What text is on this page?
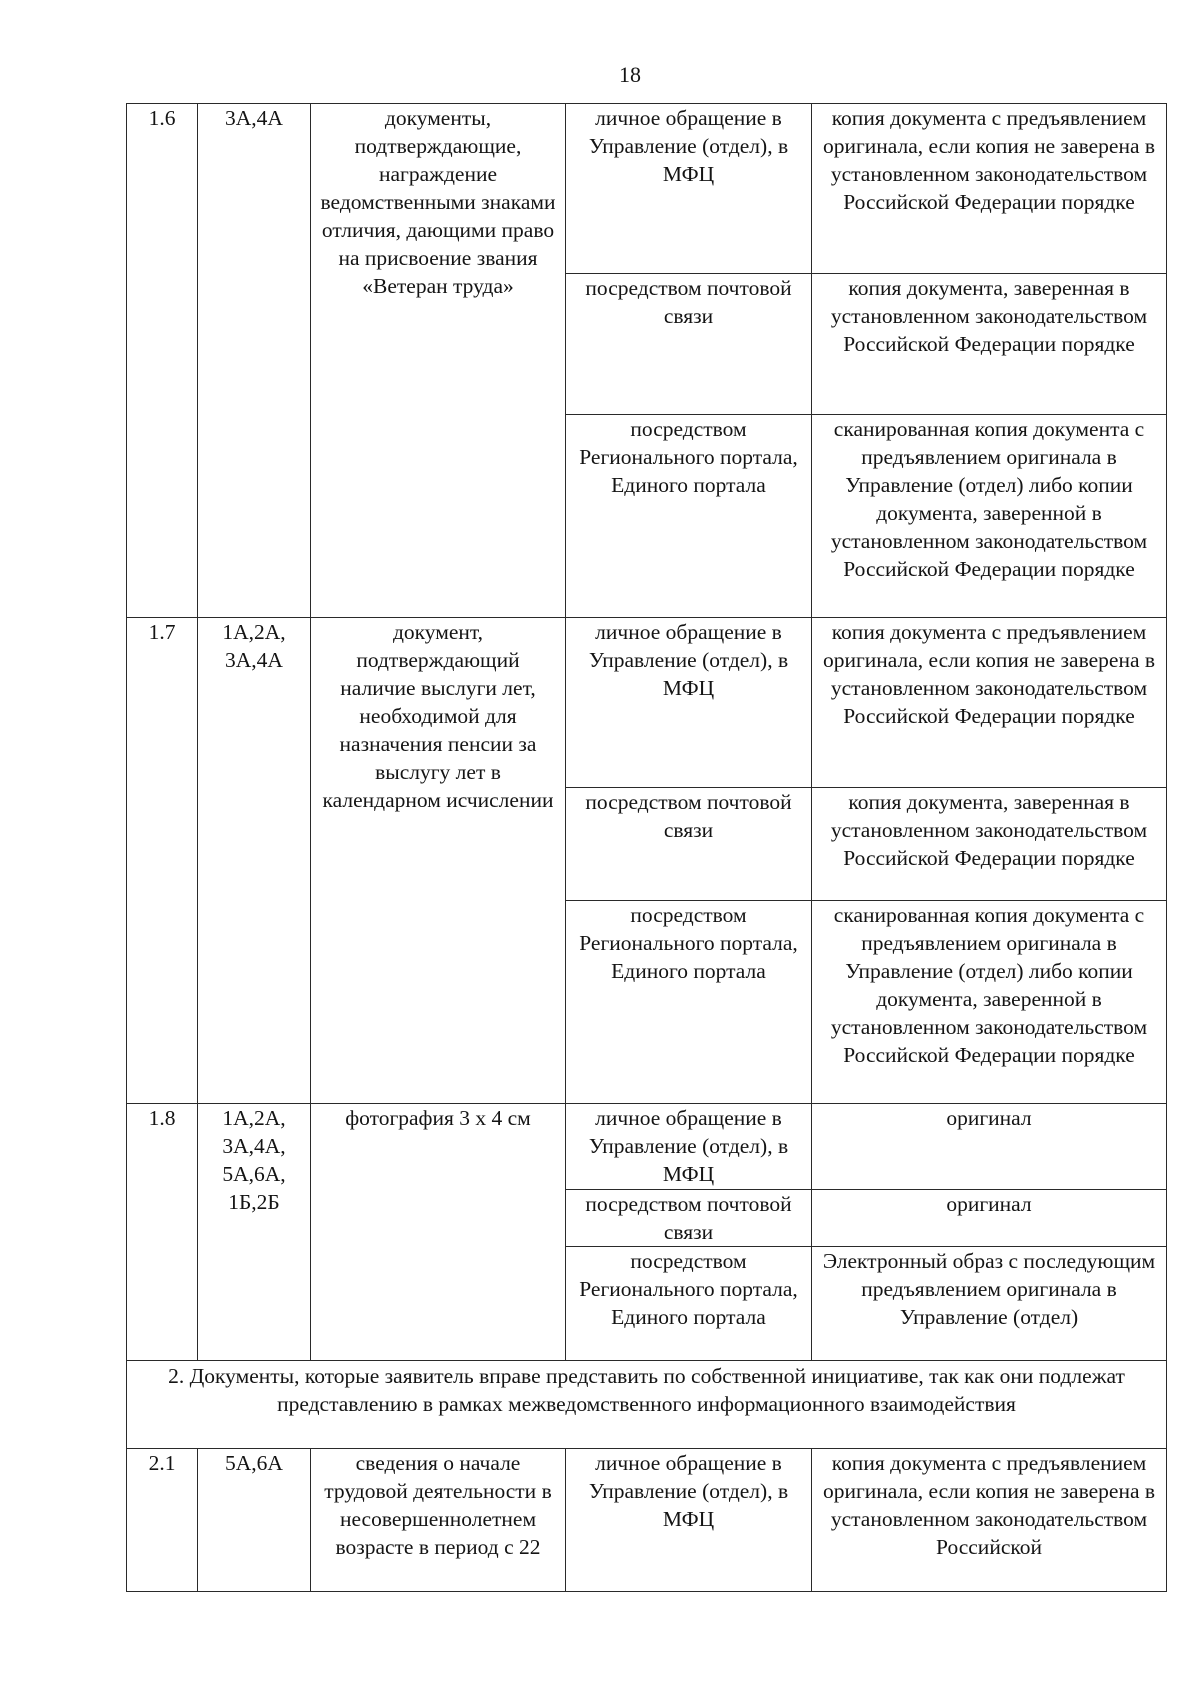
18
1.6	3А,4А	документы, подтверждающие, награждение ведомственными знаками отличия, дающими право на присвоение звания «Ветеран труда»	личное обращение в Управление (отдел), в МФЦ	копия документа с предъявлением оригинала, если копия не заверена в установленном законодательством Российской Федерации порядке
			посредством почтовой связи	копия документа, заверенная в установленном законодательством Российской Федерации порядке
			посредством Регионального портала, Единого портала	сканированная копия документа с предъявлением оригинала в Управление (отдел) либо копии документа, заверенной в установленном законодательством Российской Федерации порядке
1.7	1А,2А, 3А,4А	документ, подтверждающий наличие выслуги лет, необходимой для назначения пенсии за выслугу лет в календарном исчислении	личное обращение в Управление (отдел), в МФЦ	копия документа с предъявлением оригинала, если копия не заверена в установленном законодательством Российской Федерации порядке
			посредством почтовой связи	копия документа, заверенная в установленном законодательством Российской Федерации порядке
			посредством Регионального портала, Единого портала	сканированная копия документа с предъявлением оригинала в Управление (отдел) либо копии документа, заверенной в установленном законодательством Российской Федерации порядке
1.8	1А,2А, 3А,4А, 5А,6А, 1Б,2Б	фотография 3 х 4 см	личное обращение в Управление (отдел), в МФЦ	оригинал
			посредством почтовой связи	оригинал
			посредством Регионального портала, Единого портала	Электронный образ с последующим предъявлением оригинала в Управление (отдел)

2. Документы, которые заявитель вправе представить по собственной инициативе, так как они подлежат представлению в рамках межведомственного информационного взаимодействия				

2.1	5А,6А	сведения о начале трудовой деятельности в несовершеннолетнем возрасте в период с 22	личное обращение в Управление (отдел), в МФЦ	копия документа с предъявлением оригинала, если копия не заверена в установленном законодательством Российской
